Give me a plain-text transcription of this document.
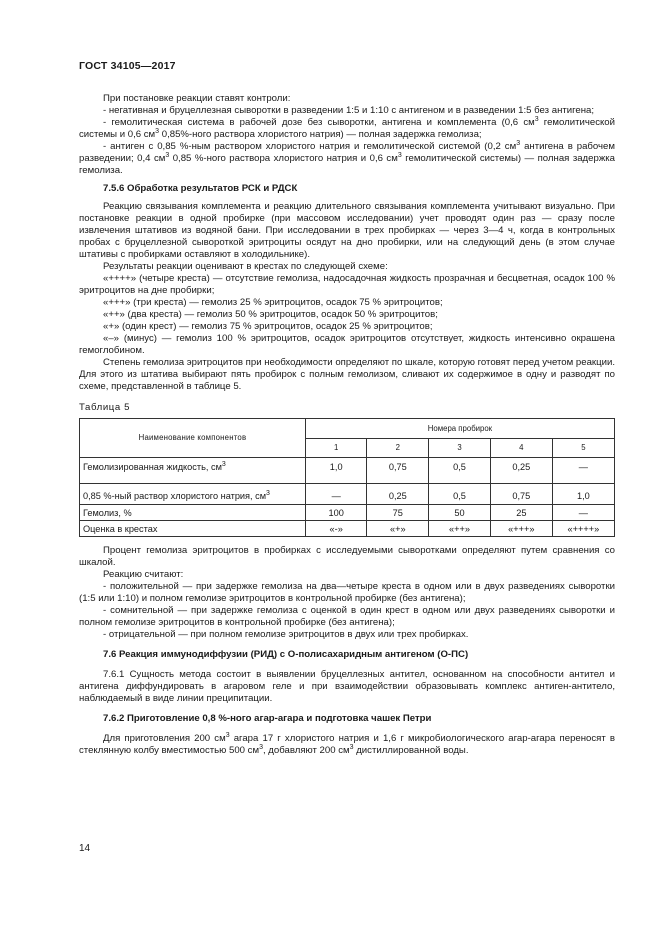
ГОСТ 34105—2017

При постановке реакции ставят контроли:

- негативная и бруцеллезная сыворотки в разведении 1:5 и 1:10 с антигеном и в разведении 1:5 без антигена;

- гемолитическая система в рабочей дозе без сыворотки, антигена и комплемента (0,6 $см^3$ гемолитической системы и 0,6 $см^3$ 0,85%-ного раствора хлористого натрия) — полная задержка гемолиза;

- антиген с 0,85 %-ным раствором хлористого натрия и гемолитической системой (0,2 $см^3$ антигена в рабочем разведении; 0,4 $см^3$ 0,85 %-ного раствора хлористого натрия и 0,6 $см^3$ гемолитической системы) — полная задержка гемолиза.

7.5.6 Обработка результатов РСК и РДСК

Реакцию связывания комплемента и реакцию длительного связывания комплемента учитывают визуально. При постановке реакции в одной пробирке (при массовом исследовании) учет проводят один раз — сразу после извлечения штативов из водяной бани. При исследовании в трех пробирках — через 3—4 ч, когда в контрольных пробах с бруцеллезной сывороткой эритроциты осядут на дно пробирки, или на следующий день (в этом случае штативы с пробирками оставляют в холодильнике).

Результаты реакции оценивают в крестах по следующей схеме:

«++++» (четыре креста) — отсутствие гемолиза, надосадочная жидкость прозрачная и бесцветная, осадок 100 % эритроцитов на дне пробирки;

«+++» (три креста) — гемолиз 25 % эритроцитов, осадок 75 % эритроцитов;

«++» (два креста) — гемолиз 50 % эритроцитов, осадок 50 % эритроцитов;

«+» (один крест) — гемолиз 75 % эритроцитов, осадок 25 % эритроцитов;

«–» (минус) — гемолиз 100 % эритроцитов, осадок эритроцитов отсутствует, жидкость интенсивно окрашена гемоглобином.

Степень гемолиза эритроцитов при необходимости определяют по шкале, которую готовят перед учетом реакции. Для этого из штатива выбирают пять пробирок с полным гемолизом, сливают их содержимое в одну и разводят по схеме, представленной в таблице 5.

Таблица 5
Наименование компонентов	Номера пробирок				
	1	2	3	4	5
Гемолизированная жидкость, $см^3$	1,0	0,75	0,5	0,25	—
0,85 %-ный раствор хлористого натрия, $см^3$	—	0,25	0,5	0,75	1,0
Гемолиз, %	100	75	50	25	—
Оценка в крестах	«-»	«+»	«++»	«+++»	«++++»

Процент гемолиза эритроцитов в пробирках с исследуемыми сыворотками определяют путем сравнения со шкалой.

Реакцию считают:

- положительной — при задержке гемолиза на два—четыре креста в одном или в двух разведениях сыворотки (1:5 или 1:10) и полном гемолизе эритроцитов в контрольной пробирке (без антигена);

- сомнительной — при задержке гемолиза с оценкой в один крест в одном или двух разведениях сыворотки и полном гемолизе эритроцитов в контрольной пробирке (без антигена);

- отрицательной — при полном гемолизе эритроцитов в двух или трех пробирках.

7.6 Реакция иммунодиффузии (РИД) с О-полисахаридным антигеном (О-ПС)

7.6.1 Сущность метода состоит в выявлении бруцеллезных антител, основанном на способности антител и антигена диффундировать в агаровом геле и при взаимодействии образовывать комплекс антиген-антитело, наблюдаемый в виде линии преципитации.

7.6.2 Приготовление 0,8 %-ного агар-агара и подготовка чашек Петри

Для приготовления 200 $см^3$ агара 17 г хлористого натрия и 1,6 г микробиологического агар-агара переносят в стеклянную колбу вместимостью 500 $см^3$, добавляют 200 $см^3$ дистиллированной воды.

14
